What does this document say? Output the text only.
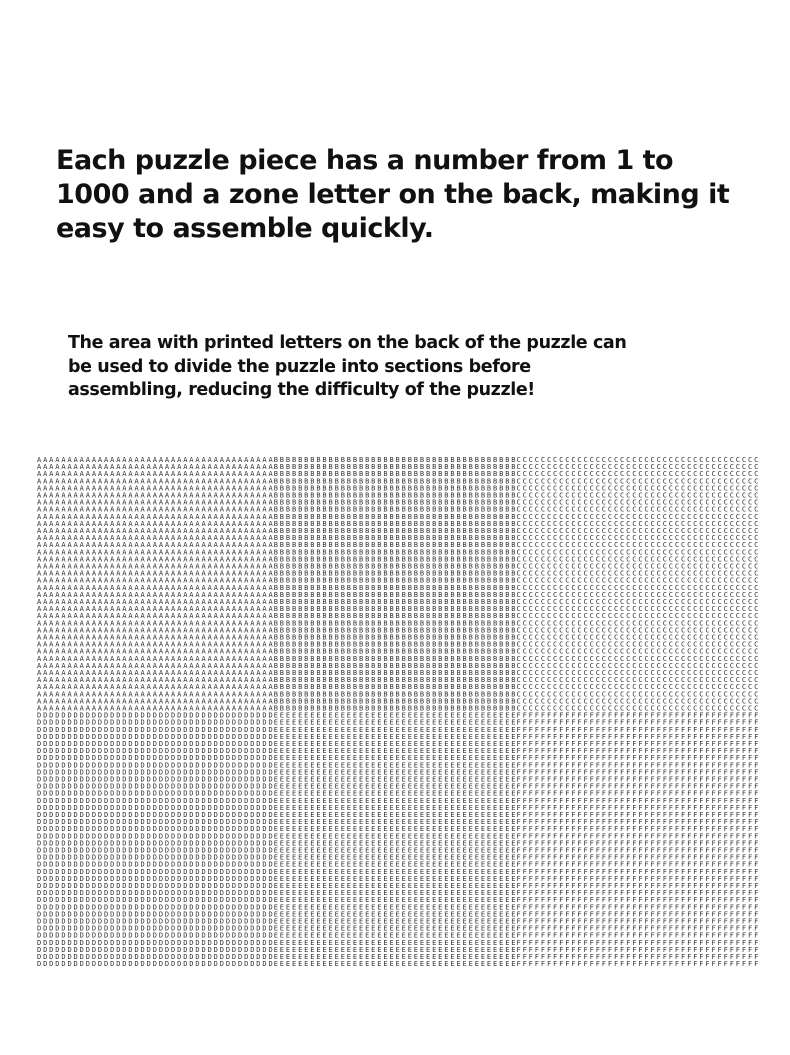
Each puzzle piece has a number from 1 to 1000 and a zone letter on the back, making it easy to assemble quickly.

The area with printed letters on the back of the puzzle can be used to divide the puzzle into sections before assembling, reducing the difficulty of the puzzle!

AAAAAAAAAAAAAAAAAAAAAAAAAAAAAAAAAAAAAAA BBBBBBBBBBBBBBBBBBBBBBBBBBBBBBBBBBBBBBBB CCCCCCCCCCCCCCCCCCCCCCCCCCCCCCCCCCCCCCCC
AAAAAAAAAAAAAAAAAAAAAAAAAAAAAAAAAAAAAAA BBBBBBBBBBBBBBBBBBBBBBBBBBBBBBBBBBBBBBBB CCCCCCCCCCCCCCCCCCCCCCCCCCCCCCCCCCCCCCCC
AAAAAAAAAAAAAAAAAAAAAAAAAAAAAAAAAAAAAAA BBBBBBBBBBBBBBBBBBBBBBBBBBBBBBBBBBBBBBBB CCCCCCCCCCCCCCCCCCCCCCCCCCCCCCCCCCCCCCCC
AAAAAAAAAAAAAAAAAAAAAAAAAAAAAAAAAAAAAAA BBBBBBBBBBBBBBBBBBBBBBBBBBBBBBBBBBBBBBBB CCCCCCCCCCCCCCCCCCCCCCCCCCCCCCCCCCCCCCCC
AAAAAAAAAAAAAAAAAAAAAAAAAAAAAAAAAAAAAAA BBBBBBBBBBBBBBBBBBBBBBBBBBBBBBBBBBBBBBBB CCCCCCCCCCCCCCCCCCCCCCCCCCCCCCCCCCCCCCCC
AAAAAAAAAAAAAAAAAAAAAAAAAAAAAAAAAAAAAAA BBBBBBBBBBBBBBBBBBBBBBBBBBBBBBBBBBBBBBBB CCCCCCCCCCCCCCCCCCCCCCCCCCCCCCCCCCCCCCCC
AAAAAAAAAAAAAAAAAAAAAAAAAAAAAAAAAAAAAAA BBBBBBBBBBBBBBBBBBBBBBBBBBBBBBBBBBBBBBBB CCCCCCCCCCCCCCCCCCCCCCCCCCCCCCCCCCCCCCCC
AAAAAAAAAAAAAAAAAAAAAAAAAAAAAAAAAAAAAAA BBBBBBBBBBBBBBBBBBBBBBBBBBBBBBBBBBBBBBBB CCCCCCCCCCCCCCCCCCCCCCCCCCCCCCCCCCCCCCCC
AAAAAAAAAAAAAAAAAAAAAAAAAAAAAAAAAAAAAAA BBBBBBBBBBBBBBBBBBBBBBBBBBBBBBBBBBBBBBBB CCCCCCCCCCCCCCCCCCCCCCCCCCCCCCCCCCCCCCCC
AAAAAAAAAAAAAAAAAAAAAAAAAAAAAAAAAAAAAAA BBBBBBBBBBBBBBBBBBBBBBBBBBBBBBBBBBBBBBBB CCCCCCCCCCCCCCCCCCCCCCCCCCCCCCCCCCCCCCCC
AAAAAAAAAAAAAAAAAAAAAAAAAAAAAAAAAAAAAAA BBBBBBBBBBBBBBBBBBBBBBBBBBBBBBBBBBBBBBBB CCCCCCCCCCCCCCCCCCCCCCCCCCCCCCCCCCCCCCCC
AAAAAAAAAAAAAAAAAAAAAAAAAAAAAAAAAAAAAAA BBBBBBBBBBBBBBBBBBBBBBBBBBBBBBBBBBBBBBBB CCCCCCCCCCCCCCCCCCCCCCCCCCCCCCCCCCCCCCCC
AAAAAAAAAAAAAAAAAAAAAAAAAAAAAAAAAAAAAAA BBBBBBBBBBBBBBBBBBBBBBBBBBBBBBBBBBBBBBBB CCCCCCCCCCCCCCCCCCCCCCCCCCCCCCCCCCCCCCCC
AAAAAAAAAAAAAAAAAAAAAAAAAAAAAAAAAAAAAAA BBBBBBBBBBBBBBBBBBBBBBBBBBBBBBBBBBBBBBBB CCCCCCCCCCCCCCCCCCCCCCCCCCCCCCCCCCCCCCCC
AAAAAAAAAAAAAAAAAAAAAAAAAAAAAAAAAAAAAAA BBBBBBBBBBBBBBBBBBBBBBBBBBBBBBBBBBBBBBBB CCCCCCCCCCCCCCCCCCCCCCCCCCCCCCCCCCCCCCCC
AAAAAAAAAAAAAAAAAAAAAAAAAAAAAAAAAAAAAAA BBBBBBBBBBBBBBBBBBBBBBBBBBBBBBBBBBBBBBBB CCCCCCCCCCCCCCCCCCCCCCCCCCCCCCCCCCCCCCCC
AAAAAAAAAAAAAAAAAAAAAAAAAAAAAAAAAAAAAAA BBBBBBBBBBBBBBBBBBBBBBBBBBBBBBBBBBBBBBBB CCCCCCCCCCCCCCCCCCCCCCCCCCCCCCCCCCCCCCCC
AAAAAAAAAAAAAAAAAAAAAAAAAAAAAAAAAAAAAAA BBBBBBBBBBBBBBBBBBBBBBBBBBBBBBBBBBBBBBBB CCCCCCCCCCCCCCCCCCCCCCCCCCCCCCCCCCCCCCCC
AAAAAAAAAAAAAAAAAAAAAAAAAAAAAAAAAAAAAAA BBBBBBBBBBBBBBBBBBBBBBBBBBBBBBBBBBBBBBBB CCCCCCCCCCCCCCCCCCCCCCCCCCCCCCCCCCCCCCCC
AAAAAAAAAAAAAAAAAAAAAAAAAAAAAAAAAAAAAAA BBBBBBBBBBBBBBBBBBBBBBBBBBBBBBBBBBBBBBBB CCCCCCCCCCCCCCCCCCCCCCCCCCCCCCCCCCCCCCCC
AAAAAAAAAAAAAAAAAAAAAAAAAAAAAAAAAAAAAAA BBBBBBBBBBBBBBBBBBBBBBBBBBBBBBBBBBBBBBBB CCCCCCCCCCCCCCCCCCCCCCCCCCCCCCCCCCCCCCCC
AAAAAAAAAAAAAAAAAAAAAAAAAAAAAAAAAAAAAAA BBBBBBBBBBBBBBBBBBBBBBBBBBBBBBBBBBBBBBBB CCCCCCCCCCCCCCCCCCCCCCCCCCCCCCCCCCCCCCCC
AAAAAAAAAAAAAAAAAAAAAAAAAAAAAAAAAAAAAAA BBBBBBBBBBBBBBBBBBBBBBBBBBBBBBBBBBBBBBBB CCCCCCCCCCCCCCCCCCCCCCCCCCCCCCCCCCCCCCCC
AAAAAAAAAAAAAAAAAAAAAAAAAAAAAAAAAAAAAAA BBBBBBBBBBBBBBBBBBBBBBBBBBBBBBBBBBBBBBBB CCCCCCCCCCCCCCCCCCCCCCCCCCCCCCCCCCCCCCCC
AAAAAAAAAAAAAAAAAAAAAAAAAAAAAAAAAAAAAAA BBBBBBBBBBBBBBBBBBBBBBBBBBBBBBBBBBBBBBBB CCCCCCCCCCCCCCCCCCCCCCCCCCCCCCCCCCCCCCCC
AAAAAAAAAAAAAAAAAAAAAAAAAAAAAAAAAAAAAAA BBBBBBBBBBBBBBBBBBBBBBBBBBBBBBBBBBBBBBBB CCCCCCCCCCCCCCCCCCCCCCCCCCCCCCCCCCCCCCCC
AAAAAAAAAAAAAAAAAAAAAAAAAAAAAAAAAAAAAAA BBBBBBBBBBBBBBBBBBBBBBBBBBBBBBBBBBBBBBBB CCCCCCCCCCCCCCCCCCCCCCCCCCCCCCCCCCCCCCCC
AAAAAAAAAAAAAAAAAAAAAAAAAAAAAAAAAAAAAAA BBBBBBBBBBBBBBBBBBBBBBBBBBBBBBBBBBBBBBBB CCCCCCCCCCCCCCCCCCCCCCCCCCCCCCCCCCCCCCCC
AAAAAAAAAAAAAAAAAAAAAAAAAAAAAAAAAAAAAAA BBBBBBBBBBBBBBBBBBBBBBBBBBBBBBBBBBBBBBBB CCCCCCCCCCCCCCCCCCCCCCCCCCCCCCCCCCCCCCCC
AAAAAAAAAAAAAAAAAAAAAAAAAAAAAAAAAAAAAAA BBBBBBBBBBBBBBBBBBBBBBBBBBBBBBBBBBBBBBBB CCCCCCCCCCCCCCCCCCCCCCCCCCCCCCCCCCCCCCCC
AAAAAAAAAAAAAAAAAAAAAAAAAAAAAAAAAAAAAAA BBBBBBBBBBBBBBBBBBBBBBBBBBBBBBBBBBBBBBBB CCCCCCCCCCCCCCCCCCCCCCCCCCCCCCCCCCCCCCCC
AAAAAAAAAAAAAAAAAAAAAAAAAAAAAAAAAAAAAAA BBBBBBBBBBBBBBBBBBBBBBBBBBBBBBBBBBBBBBBB CCCCCCCCCCCCCCCCCCCCCCCCCCCCCCCCCCCCCCCC
AAAAAAAAAAAAAAAAAAAAAAAAAAAAAAAAAAAAAAA BBBBBBBBBBBBBBBBBBBBBBBBBBBBBBBBBBBBBBBB CCCCCCCCCCCCCCCCCCCCCCCCCCCCCCCCCCCCCCCC
AAAAAAAAAAAAAAAAAAAAAAAAAAAAAAAAAAAAAAA BBBBBBBBBBBBBBBBBBBBBBBBBBBBBBBBBBBBBBBB CCCCCCCCCCCCCCCCCCCCCCCCCCCCCCCCCCCCCCCC
AAAAAAAAAAAAAAAAAAAAAAAAAAAAAAAAAAAAAAA BBBBBBBBBBBBBBBBBBBBBBBBBBBBBBBBBBBBBBBB CCCCCCCCCCCCCCCCCCCCCCCCCCCCCCCCCCCCCCCC
AAAAAAAAAAAAAAAAAAAAAAAAAAAAAAAAAAAAAAA BBBBBBBBBBBBBBBBBBBBBBBBBBBBBBBBBBBBBBBB CCCCCCCCCCCCCCCCCCCCCCCCCCCCCCCCCCCCCCCC
DDDDDDDDDDDDDDDDDDDDDDDDDDDDDDDDDDDDDDD EEEEEEEEEEEEEEEEEEEEEEEEEEEEEEEEEEEEEEEE FFFFFFFFFFFFFFFFFFFFFFFFFFFFFFFFFFFFFFFF
DDDDDDDDDDDDDDDDDDDDDDDDDDDDDDDDDDDDDDD EEEEEEEEEEEEEEEEEEEEEEEEEEEEEEEEEEEEEEEE FFFFFFFFFFFFFFFFFFFFFFFFFFFFFFFFFFFFFFFF
DDDDDDDDDDDDDDDDDDDDDDDDDDDDDDDDDDDDDDD EEEEEEEEEEEEEEEEEEEEEEEEEEEEEEEEEEEEEEEE FFFFFFFFFFFFFFFFFFFFFFFFFFFFFFFFFFFFFFFF
DDDDDDDDDDDDDDDDDDDDDDDDDDDDDDDDDDDDDDD EEEEEEEEEEEEEEEEEEEEEEEEEEEEEEEEEEEEEEEE FFFFFFFFFFFFFFFFFFFFFFFFFFFFFFFFFFFFFFFF
DDDDDDDDDDDDDDDDDDDDDDDDDDDDDDDDDDDDDDD EEEEEEEEEEEEEEEEEEEEEEEEEEEEEEEEEEEEEEEE FFFFFFFFFFFFFFFFFFFFFFFFFFFFFFFFFFFFFFFF
DDDDDDDDDDDDDDDDDDDDDDDDDDDDDDDDDDDDDDD EEEEEEEEEEEEEEEEEEEEEEEEEEEEEEEEEEEEEEEE FFFFFFFFFFFFFFFFFFFFFFFFFFFFFFFFFFFFFFFF
DDDDDDDDDDDDDDDDDDDDDDDDDDDDDDDDDDDDDDD EEEEEEEEEEEEEEEEEEEEEEEEEEEEEEEEEEEEEEEE FFFFFFFFFFFFFFFFFFFFFFFFFFFFFFFFFFFFFFFF
DDDDDDDDDDDDDDDDDDDDDDDDDDDDDDDDDDDDDDD EEEEEEEEEEEEEEEEEEEEEEEEEEEEEEEEEEEEEEEE FFFFFFFFFFFFFFFFFFFFFFFFFFFFFFFFFFFFFFFF
DDDDDDDDDDDDDDDDDDDDDDDDDDDDDDDDDDDDDDD EEEEEEEEEEEEEEEEEEEEEEEEEEEEEEEEEEEEEEEE FFFFFFFFFFFFFFFFFFFFFFFFFFFFFFFFFFFFFFFF
DDDDDDDDDDDDDDDDDDDDDDDDDDDDDDDDDDDDDDD EEEEEEEEEEEEEEEEEEEEEEEEEEEEEEEEEEEEEEEE FFFFFFFFFFFFFFFFFFFFFFFFFFFFFFFFFFFFFFFF
DDDDDDDDDDDDDDDDDDDDDDDDDDDDDDDDDDDDDDD EEEEEEEEEEEEEEEEEEEEEEEEEEEEEEEEEEEEEEEE FFFFFFFFFFFFFFFFFFFFFFFFFFFFFFFFFFFFFFFF
DDDDDDDDDDDDDDDDDDDDDDDDDDDDDDDDDDDDDDD EEEEEEEEEEEEEEEEEEEEEEEEEEEEEEEEEEEEEEEE FFFFFFFFFFFFFFFFFFFFFFFFFFFFFFFFFFFFFFFF
DDDDDDDDDDDDDDDDDDDDDDDDDDDDDDDDDDDDDDD EEEEEEEEEEEEEEEEEEEEEEEEEEEEEEEEEEEEEEEE FFFFFFFFFFFFFFFFFFFFFFFFFFFFFFFFFFFFFFFF
DDDDDDDDDDDDDDDDDDDDDDDDDDDDDDDDDDDDDDD EEEEEEEEEEEEEEEEEEEEEEEEEEEEEEEEEEEEEEEE FFFFFFFFFFFFFFFFFFFFFFFFFFFFFFFFFFFFFFFF
DDDDDDDDDDDDDDDDDDDDDDDDDDDDDDDDDDDDDDD EEEEEEEEEEEEEEEEEEEEEEEEEEEEEEEEEEEEEEEE FFFFFFFFFFFFFFFFFFFFFFFFFFFFFFFFFFFFFFFF
DDDDDDDDDDDDDDDDDDDDDDDDDDDDDDDDDDDDDDD EEEEEEEEEEEEEEEEEEEEEEEEEEEEEEEEEEEEEEEE FFFFFFFFFFFFFFFFFFFFFFFFFFFFFFFFFFFFFFFF
DDDDDDDDDDDDDDDDDDDDDDDDDDDDDDDDDDDDDDD EEEEEEEEEEEEEEEEEEEEEEEEEEEEEEEEEEEEEEEE FFFFFFFFFFFFFFFFFFFFFFFFFFFFFFFFFFFFFFFF
DDDDDDDDDDDDDDDDDDDDDDDDDDDDDDDDDDDDDDD EEEEEEEEEEEEEEEEEEEEEEEEEEEEEEEEEEEEEEEE FFFFFFFFFFFFFFFFFFFFFFFFFFFFFFFFFFFFFFFF
DDDDDDDDDDDDDDDDDDDDDDDDDDDDDDDDDDDDDDD EEEEEEEEEEEEEEEEEEEEEEEEEEEEEEEEEEEEEEEE FFFFFFFFFFFFFFFFFFFFFFFFFFFFFFFFFFFFFFFF
DDDDDDDDDDDDDDDDDDDDDDDDDDDDDDDDDDDDDDD EEEEEEEEEEEEEEEEEEEEEEEEEEEEEEEEEEEEEEEE FFFFFFFFFFFFFFFFFFFFFFFFFFFFFFFFFFFFFFFF
DDDDDDDDDDDDDDDDDDDDDDDDDDDDDDDDDDDDDDD EEEEEEEEEEEEEEEEEEEEEEEEEEEEEEEEEEEEEEEE FFFFFFFFFFFFFFFFFFFFFFFFFFFFFFFFFFFFFFFF
DDDDDDDDDDDDDDDDDDDDDDDDDDDDDDDDDDDDDDD EEEEEEEEEEEEEEEEEEEEEEEEEEEEEEEEEEEEEEEE FFFFFFFFFFFFFFFFFFFFFFFFFFFFFFFFFFFFFFFF
DDDDDDDDDDDDDDDDDDDDDDDDDDDDDDDDDDDDDDD EEEEEEEEEEEEEEEEEEEEEEEEEEEEEEEEEEEEEEEE FFFFFFFFFFFFFFFFFFFFFFFFFFFFFFFFFFFFFFFF
DDDDDDDDDDDDDDDDDDDDDDDDDDDDDDDDDDDDDDD EEEEEEEEEEEEEEEEEEEEEEEEEEEEEEEEEEEEEEEE FFFFFFFFFFFFFFFFFFFFFFFFFFFFFFFFFFFFFFFF
DDDDDDDDDDDDDDDDDDDDDDDDDDDDDDDDDDDDDDD EEEEEEEEEEEEEEEEEEEEEEEEEEEEEEEEEEEEEEEE FFFFFFFFFFFFFFFFFFFFFFFFFFFFFFFFFFFFFFFF
DDDDDDDDDDDDDDDDDDDDDDDDDDDDDDDDDDDDDDD EEEEEEEEEEEEEEEEEEEEEEEEEEEEEEEEEEEEEEEE FFFFFFFFFFFFFFFFFFFFFFFFFFFFFFFFFFFFFFFF
DDDDDDDDDDDDDDDDDDDDDDDDDDDDDDDDDDDDDDD EEEEEEEEEEEEEEEEEEEEEEEEEEEEEEEEEEEEEEEE FFFFFFFFFFFFFFFFFFFFFFFFFFFFFFFFFFFFFFFF
DDDDDDDDDDDDDDDDDDDDDDDDDDDDDDDDDDDDDDD EEEEEEEEEEEEEEEEEEEEEEEEEEEEEEEEEEEEEEEE FFFFFFFFFFFFFFFFFFFFFFFFFFFFFFFFFFFFFFFF
DDDDDDDDDDDDDDDDDDDDDDDDDDDDDDDDDDDDDDD EEEEEEEEEEEEEEEEEEEEEEEEEEEEEEEEEEEEEEEE FFFFFFFFFFFFFFFFFFFFFFFFFFFFFFFFFFFFFFFF
DDDDDDDDDDDDDDDDDDDDDDDDDDDDDDDDDDDDDDD EEEEEEEEEEEEEEEEEEEEEEEEEEEEEEEEEEEEEEEE FFFFFFFFFFFFFFFFFFFFFFFFFFFFFFFFFFFFFFFF
DDDDDDDDDDDDDDDDDDDDDDDDDDDDDDDDDDDDDDD EEEEEEEEEEEEEEEEEEEEEEEEEEEEEEEEEEEEEEEE FFFFFFFFFFFFFFFFFFFFFFFFFFFFFFFFFFFFFFFF
DDDDDDDDDDDDDDDDDDDDDDDDDDDDDDDDDDDDDDD EEEEEEEEEEEEEEEEEEEEEEEEEEEEEEEEEEEEEEEE FFFFFFFFFFFFFFFFFFFFFFFFFFFFFFFFFFFFFFFF
DDDDDDDDDDDDDDDDDDDDDDDDDDDDDDDDDDDDDDD EEEEEEEEEEEEEEEEEEEEEEEEEEEEEEEEEEEEEEEE FFFFFFFFFFFFFFFFFFFFFFFFFFFFFFFFFFFFFFFF
DDDDDDDDDDDDDDDDDDDDDDDDDDDDDDDDDDDDDDD EEEEEEEEEEEEEEEEEEEEEEEEEEEEEEEEEEEEEEEE FFFFFFFFFFFFFFFFFFFFFFFFFFFFFFFFFFFFFFFF
DDDDDDDDDDDDDDDDDDDDDDDDDDDDDDDDDDDDDDD EEEEEEEEEEEEEEEEEEEEEEEEEEEEEEEEEEEEEEEE FFFFFFFFFFFFFFFFFFFFFFFFFFFFFFFFFFFFFFFF
DDDDDDDDDDDDDDDDDDDDDDDDDDDDDDDDDDDDDDD EEEEEEEEEEEEEEEEEEEEEEEEEEEEEEEEEEEEEEEE FFFFFFFFFFFFFFFFFFFFFFFFFFFFFFFFFFFFFFFF
